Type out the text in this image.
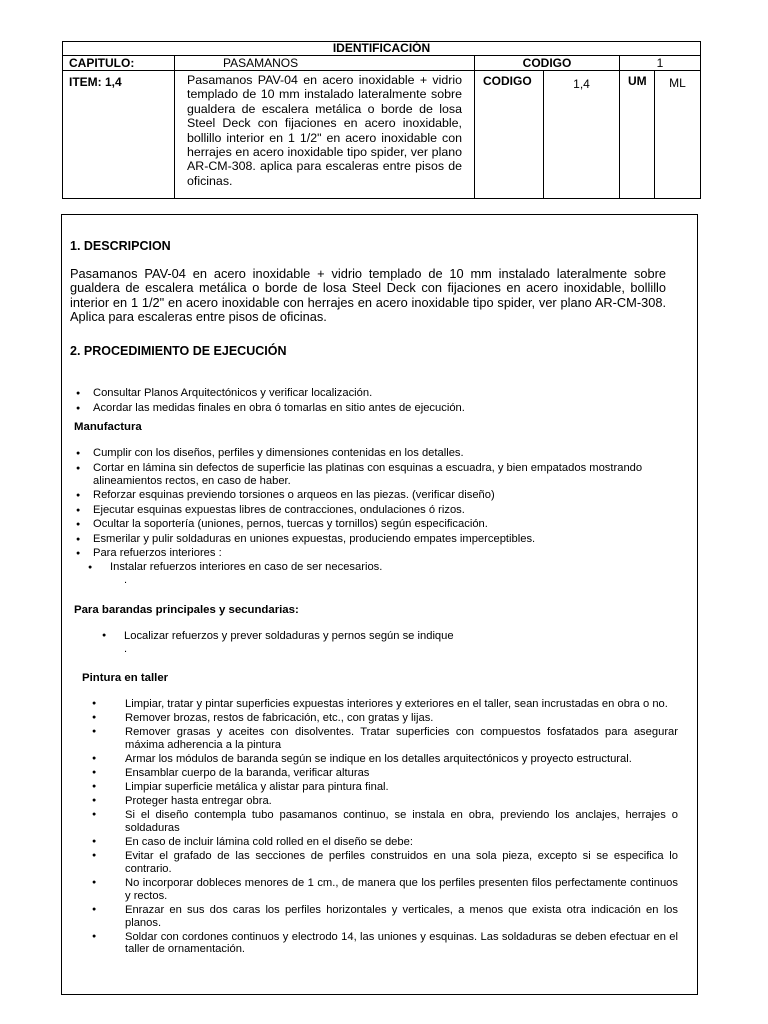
IDENTIFICACIÓN					
CAPITULO:	PASAMANOS	CODIGO		1	
ITEM: 1,4	Pasamanos PAV-04 en acero inoxidable + vidrio templado de 10 mm instalado lateralmente sobre gualdera de escalera metálica o borde de losa Steel Deck con fijaciones en acero inoxidable, bollillo interior en 1 1/2" en acero inoxidable con herrajes en acero inoxidable tipo spider, ver plano AR-CM-308. aplica para escaleras entre pisos de oficinas.	CODIGO	1,4	UM	ML
1. DESCRIPCION

Pasamanos PAV-04 en acero inoxidable + vidrio templado de 10 mm instalado lateralmente sobre gualdera de escalera metálica o borde de losa Steel Deck con fijaciones en acero inoxidable, bollillo interior en 1 1/2" en acero inoxidable con herrajes en acero inoxidable tipo spider, ver plano AR-CM-308. Aplica para escaleras entre pisos de oficinas.

2. PROCEDIMIENTO DE EJECUCIÓN
● Consultar Planos Arquitectónicos y verificar localización.
● Acordar las medidas finales en obra ó tomarlas en sitio antes de ejecución.
Manufactura
● Cumplir con los diseños, perfiles y dimensiones contenidas en los detalles.
● Cortar en lámina sin defectos de superficie las platinas con esquinas a escuadra, y bien empatados mostrando alineamientos rectos, en caso de haber.
● Reforzar esquinas previendo torsiones o arqueos en las piezas. (verificar diseño)
● Ejecutar esquinas expuestas libres de contracciones, ondulaciones ó rizos.
● Ocultar la soportería (uniones, pernos, tuercas y tornillos) según especificación.
● Esmerilar y pulir soldaduras en uniones expuestas, produciendo empates imperceptibles.
● Para refuerzos interiores :
● Instalar refuerzos interiores en caso de ser necesarios.
.
Para barandas principales y secundarias:
● Localizar refuerzos y prever soldaduras y pernos según se indique
.
Pintura en taller
● Limpiar, tratar y pintar superficies expuestas interiores y exteriores en el taller, sean incrustadas en obra o no.
● Remover brozas, restos de fabricación, etc., con gratas y lijas.
● Remover grasas y aceites con disolventes. Tratar superficies con compuestos fosfatados para asegurar máxima adherencia a la pintura
● Armar los módulos de baranda según se indique en los detalles arquitectónicos y proyecto estructural.
● Ensamblar cuerpo de la baranda, verificar alturas
● Limpiar superficie metálica y alistar para pintura final.
● Proteger hasta entregar obra.
● Si el diseño contempla tubo pasamanos continuo, se instala en obra, previendo los anclajes, herrajes o soldaduras
● En caso de incluir lámina cold rolled en el diseño se debe:
● Evitar el grafado de las secciones de perfiles construidos en una sola pieza, excepto si se especifica lo contrario.
● No incorporar dobleces menores de 1 cm., de manera que los perfiles presenten filos perfectamente continuos y rectos.
● Enrazar en sus dos caras los perfiles horizontales y verticales, a menos que exista otra indicación en los planos.
● Soldar con cordones continuos y electrodo 14, las uniones y esquinas. Las soldaduras se deben efectuar en el taller de ornamentación.
